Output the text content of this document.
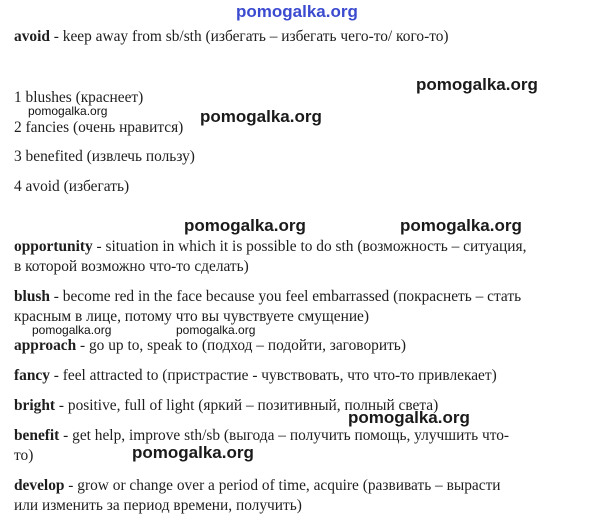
pomogalka.org
avoid - keep away from sb/sth (избегать – избегать чего-то/ кого-то)
1 blushes (краснеет)
2 fancies (очень нравится)
3 benefited (извлечь пользу)
4 avoid (избегать)
opportunity - situation in which it is possible to do sth (возможность – ситуация,
в которой возможно что-то сделать)
blush - become red in the face because you feel embarrassed (покраснеть – стать
красным в лице, потому что вы чувствуете смущение)
approach - go up to, speak to (подход – подойти, заговорить)
fancy - feel attracted to (пристрастие - чувствовать, что что-то привлекает)
bright - positive, full of light (яркий – позитивный, полный света)
benefit - get help, improve sth/sb (выгода – получить помощь, улучшить что-
то)
develop - grow or change over a period of time, acquire (развивать – вырасти
или изменить за период времени, получить)
pomogalka.org
pomogalka.org	pomogalka.org
pomogalka.org	pomogalka.org
pomogalka.org	pomogalka.org
pomogalka.org
pomogalka.org
